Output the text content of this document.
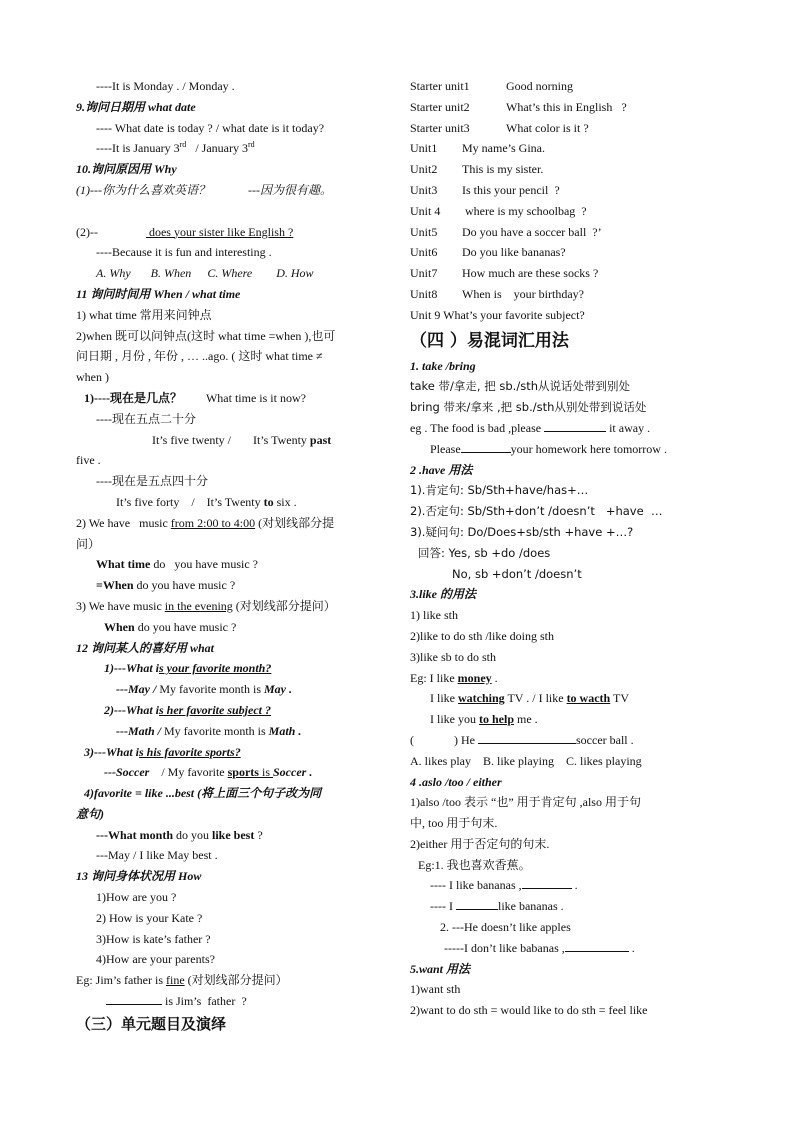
----It is Monday . / Monday .
9.询问日期用 what date
---- What date is today ? / what date is it today?
----It is January 3rd   / January 3rd
10.询问原因用 Why
(1)---你为什么喜欢英语？	---因为很有趣。
(2)--	does your sister like English ?
----Because it is fun and interesting .
A. Why B. When C. Where D. How
11 询问时间用 When / what time
1) what time 常用来问钟点
2)when 既可以问钟点(这时 what time =when ),也可
问日期 , 月份 , 年份 , … ..ago. ( 这时 what time ≠
when )
1)----现在是几点？ What time is it now?
----现在五点二十分
It’s five twenty / It’s Twenty past
five .
----现在是五点四十分
It’s five forty / It’s Twenty to six .
2) We have   music from 2:00 to 4:00 (对划线部分提
问）
What time do   you have music ?
=When do you have music ?
3) We have music in the evening (对划线部分提问）
When do you have music ?
12 询问某人的喜好用 what
1)---What is your favorite month?
---May / My favorite month is May .
2)---What is her favorite subject ?
---Math / My favorite month is Math .
3)---What is his favorite sports?
---Soccer    / My favorite sports is Soccer .
4)favorite = like ...best (将上面三个句子改为同
意句)
---What month do you like best ?
---May / I like May best .
13 询问身体状况用 How
1)How are you ?
2) How is your Kate ?
3)How is kate’s father ?
4)How are your parents?
Eg: Jim’s father is fine (对划线部分提问）
is Jim’s  father  ?
（三）单元题目及演绎
Starter unit1	Good norning
Starter unit2	What’s this in English   ?
Starter unit3	What color is it ?
Unit1 My name’s Gina.
Unit2 This is my sister.
Unit3 Is this your pencil  ?
Unit 4 where is my schoolbag  ?
Unit5 Do you have a soccer ball  ?’
Unit6 Do you like bananas?
Unit7 How much are these socks ?
Unit8 When is    your birthday?
Unit 9 What’s your favorite subject?
（四 ）易混词汇用法
1. take /bring
take 带/拿走, 把 sb./sth从说话处带到别处
bring 带来/拿来 ,把 sb./sth从别处带到说话处
eg . The food is bad ,please	it away .
Please	your homework here tomorrow .
2 .have 用法
1).肯定句: Sb/Sth+have/has+…
2).否定句: Sb/Sth+don’t /doesn’t   +have  …
3).疑问句: Do/Does+sb/sth +have +…?
回答: Yes, sb +do /does
No, sb +don’t /doesn’t
3.like 的用法
1) like sth
2)like to do sth /like doing sth
3)like sb to do sth
Eg: I like money .
I like watching TV . / I like to wacth TV
I like you to help me .
(	) He	soccer ball .
A. likes play B. like playing C. likes playing
4 .aslo /too / either
1)also /too 表示 “也” 用于肯定句 ,also 用于句
中, too 用于句末.
2)either 用于否定句的句末.
Eg:1. 我也喜欢香蕉。
---- I like bananas ,	.
---- I	like bananas .
2. ---He doesn’t like apples
-----I don’t like babanas ,	.
5.want 用法
1)want sth
2)want to do sth = would like to do sth = feel like
